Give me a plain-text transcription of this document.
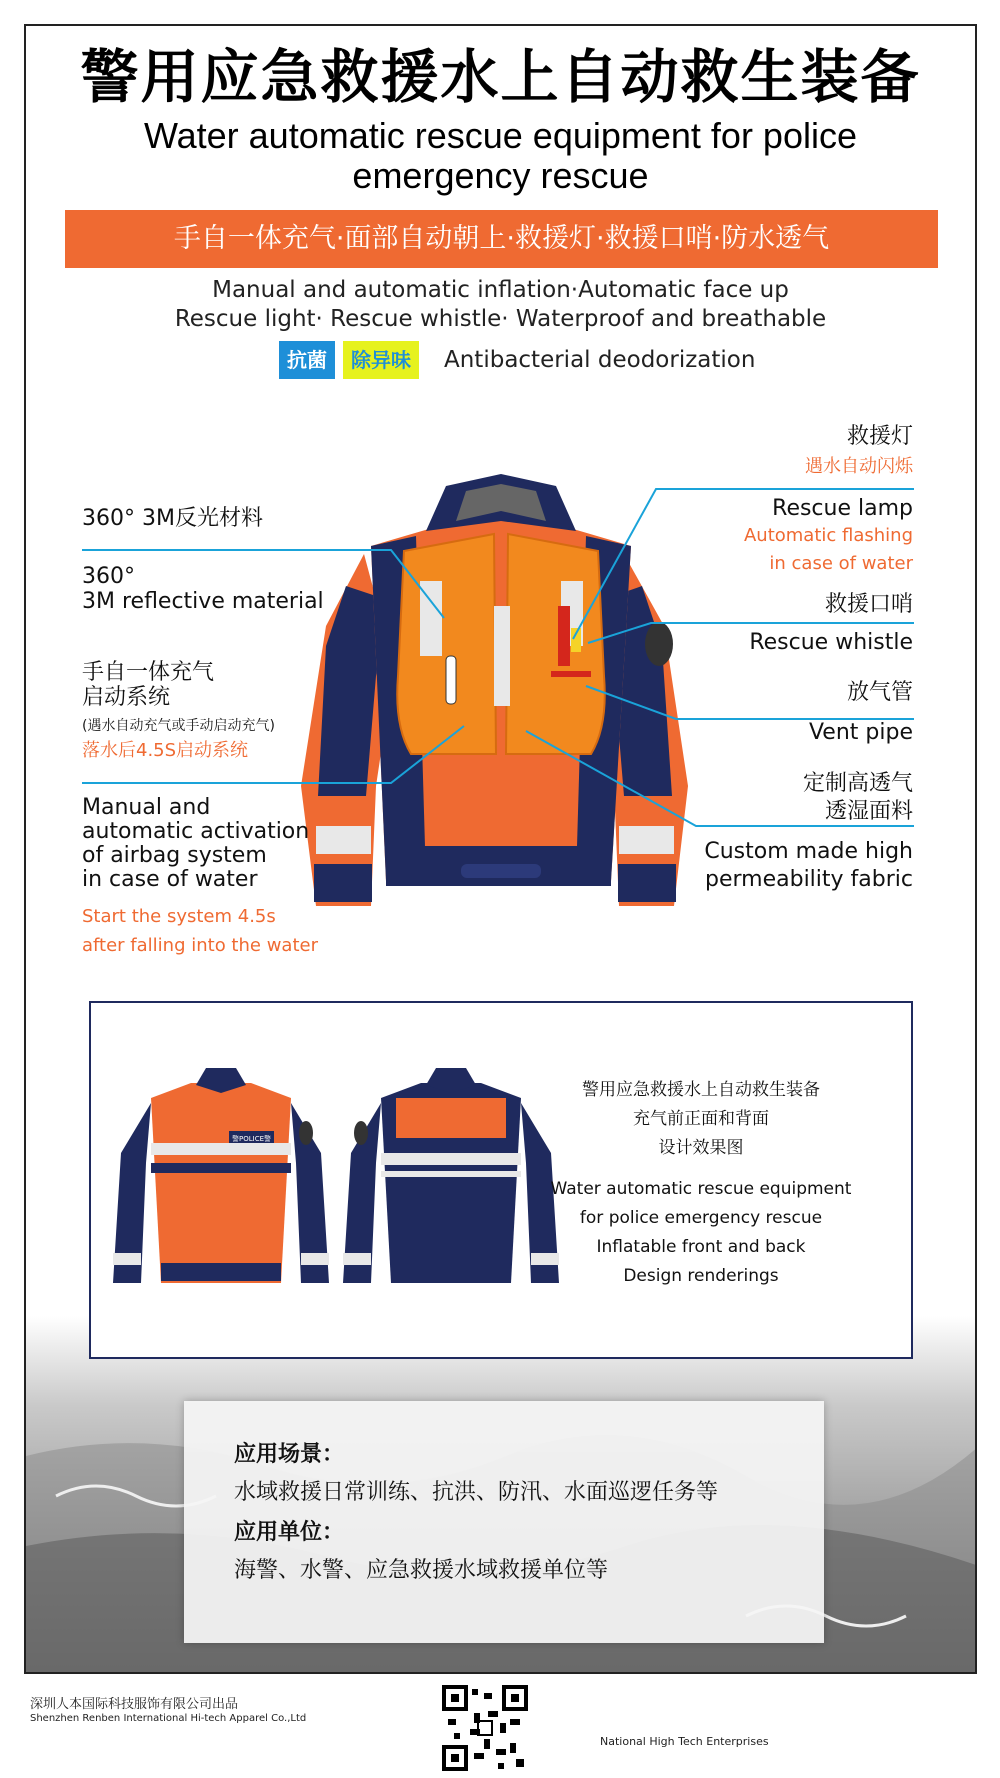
警用应急救援水上自动救生装备
Water automatic rescue equipment for police
emergency rescue
手自一体充气·面部自动朝上·救援灯·救援口哨·防水透气
Manual and automatic inflation·Automatic face up
Rescue light· Rescue whistle· Waterproof and breathable
抗菌	除异味	Antibacterial deodorization
360° 3M反光材料
360°
3M reflective material
手自一体充气
启动系统
(遇水自动充气或手动启动充气)
落水后4.5S启动系统
Manual and
automatic activation
of airbag system
in case of water
Start the system 4.5s
after falling into the water
救援灯
遇水自动闪烁
Rescue lamp
Automatic flashing
in case of water
救援口哨
Rescue whistle
放气管
Vent pipe
定制高透气
透湿面料
Custom made high
permeability fabric
警POLICE警
警用应急救援水上自动救生装备
充气前正面和背面
设计效果图
Water automatic rescue equipment
for police emergency rescue
Inflatable front and back
Design renderings
应用场景：
水域救援日常训练、抗洪、防汛、水面巡逻任务等
应用单位：
海警、水警、应急救援水域救援单位等
深圳人本国际科技服饰有限公司出品
Shenzhen Renben International Hi-tech Apparel Co.,Ltd
National High Tech Enterprises
